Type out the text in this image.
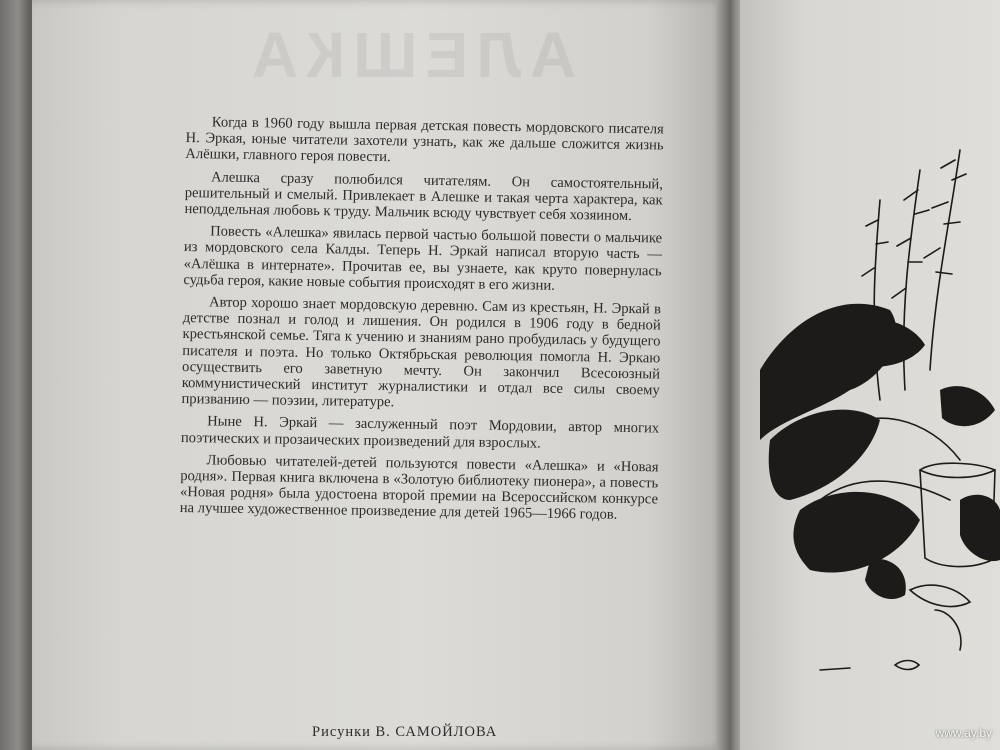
АЛЕШКА

Когда в 1960 году вышла первая детская повесть мордовского писателя Н. Эркая, юные читатели захотели узнать, как же дальше сложится жизнь Алёшки, главного героя повести.

Алешка сразу полюбился читателям. Он самостоятельный, решительный и смелый. Привлекает в Алешке и такая черта характера, как неподдельная любовь к труду. Мальчик всюду чувствует себя хозяином.

Повесть «Алешка» явилась первой частью большой повести о мальчике из мордовского села Калды. Теперь Н. Эркай написал вторую часть — «Алёшка в интернате». Прочитав ее, вы узнаете, как круто повернулась судьба героя, какие новые события происходят в его жизни.

Автор хорошо знает мордовскую деревню. Сам из крестьян, Н. Эркай в детстве познал и голод и лишения. Он родился в 1906 году в бедной крестьянской семье. Тяга к учению и знаниям рано пробудилась у будущего писателя и поэта. Но только Октябрьская революция помогла Н. Эркаю осуществить его заветную мечту. Он закончил Всесоюзный коммунистический институт журналистики и отдал все силы своему призванию — поэзии, литературе.

Ныне Н. Эркай — заслуженный поэт Мордовии, автор многих поэтических и прозаических произведений для взрослых.

Любовью читателей-детей пользуются повести «Алешка» и «Новая родня». Первая книга включена в «Золотую библиотеку пионера», а повесть «Новая родня» была удостоена второй премии на Всероссийском конкурсе на лучшее художественное произведение для детей 1965—1966 годов.

Рисунки В. САМОЙЛОВА	www.ay.by
